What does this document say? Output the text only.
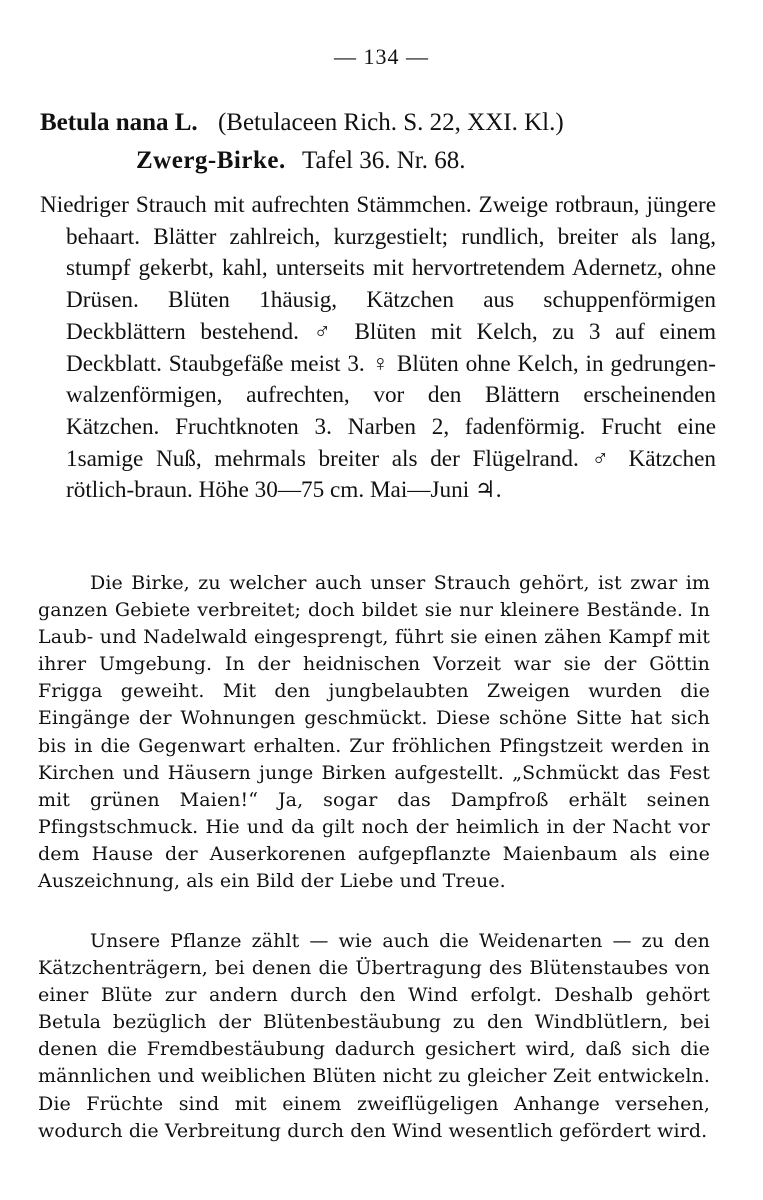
— 134 —
Betula nana L. (Betulaceen Rich. S. 22, XXI. Kl.)
Zwerg-Birke. Tafel 36. Nr. 68.

Niedriger Strauch mit aufrechten Stämmchen. Zweige rotbraun, jüngere behaart. Blätter zahlreich, kurzgestielt; rundlich, breiter als lang, stumpf gekerbt, kahl, unterseits mit hervortretendem Adernetz, ohne Drüsen. Blüten 1häusig, Kätzchen aus schuppenförmigen Deckblättern bestehend. ♂ Blüten mit Kelch, zu 3 auf einem Deckblatt. Staubgefäße meist 3. ♀ Blüten ohne Kelch, in gedrungen-walzenförmigen, aufrechten, vor den Blättern erscheinenden Kätzchen. Fruchtknoten 3. Narben 2, fadenförmig. Frucht eine 1samige Nuß, mehrmals breiter als der Flügelrand. ♂ Kätzchen rötlich-braun. Höhe 30—75 cm. Mai—Juni ♃.

Die Birke, zu welcher auch unser Strauch gehört, ist zwar im ganzen Gebiete verbreitet; doch bildet sie nur kleinere Bestände. In Laub- und Nadelwald eingesprengt, führt sie einen zähen Kampf mit ihrer Umgebung. In der heidnischen Vorzeit war sie der Göttin Frigga geweiht. Mit den jungbelaubten Zweigen wurden die Eingänge der Wohnungen geschmückt. Diese schöne Sitte hat sich bis in die Gegenwart erhalten. Zur fröhlichen Pfingstzeit werden in Kirchen und Häusern junge Birken aufgestellt. „Schmückt das Fest mit grünen Maien!“ Ja, sogar das Dampfroß erhält seinen Pfingstschmuck. Hie und da gilt noch der heimlich in der Nacht vor dem Hause der Auserkorenen aufgepflanzte Maienbaum als eine Auszeichnung, als ein Bild der Liebe und Treue.

Unsere Pflanze zählt — wie auch die Weidenarten — zu den Kätzchenträgern, bei denen die Übertragung des Blütenstaubes von einer Blüte zur andern durch den Wind erfolgt. Deshalb gehört Betula bezüglich der Blütenbestäubung zu den Windblütlern, bei denen die Fremdbestäubung dadurch gesichert wird, daß sich die männlichen und weiblichen Blüten nicht zu gleicher Zeit entwickeln. Die Früchte sind mit einem zweiflügeligen Anhange versehen, wodurch die Verbreitung durch den Wind wesentlich gefördert wird.
